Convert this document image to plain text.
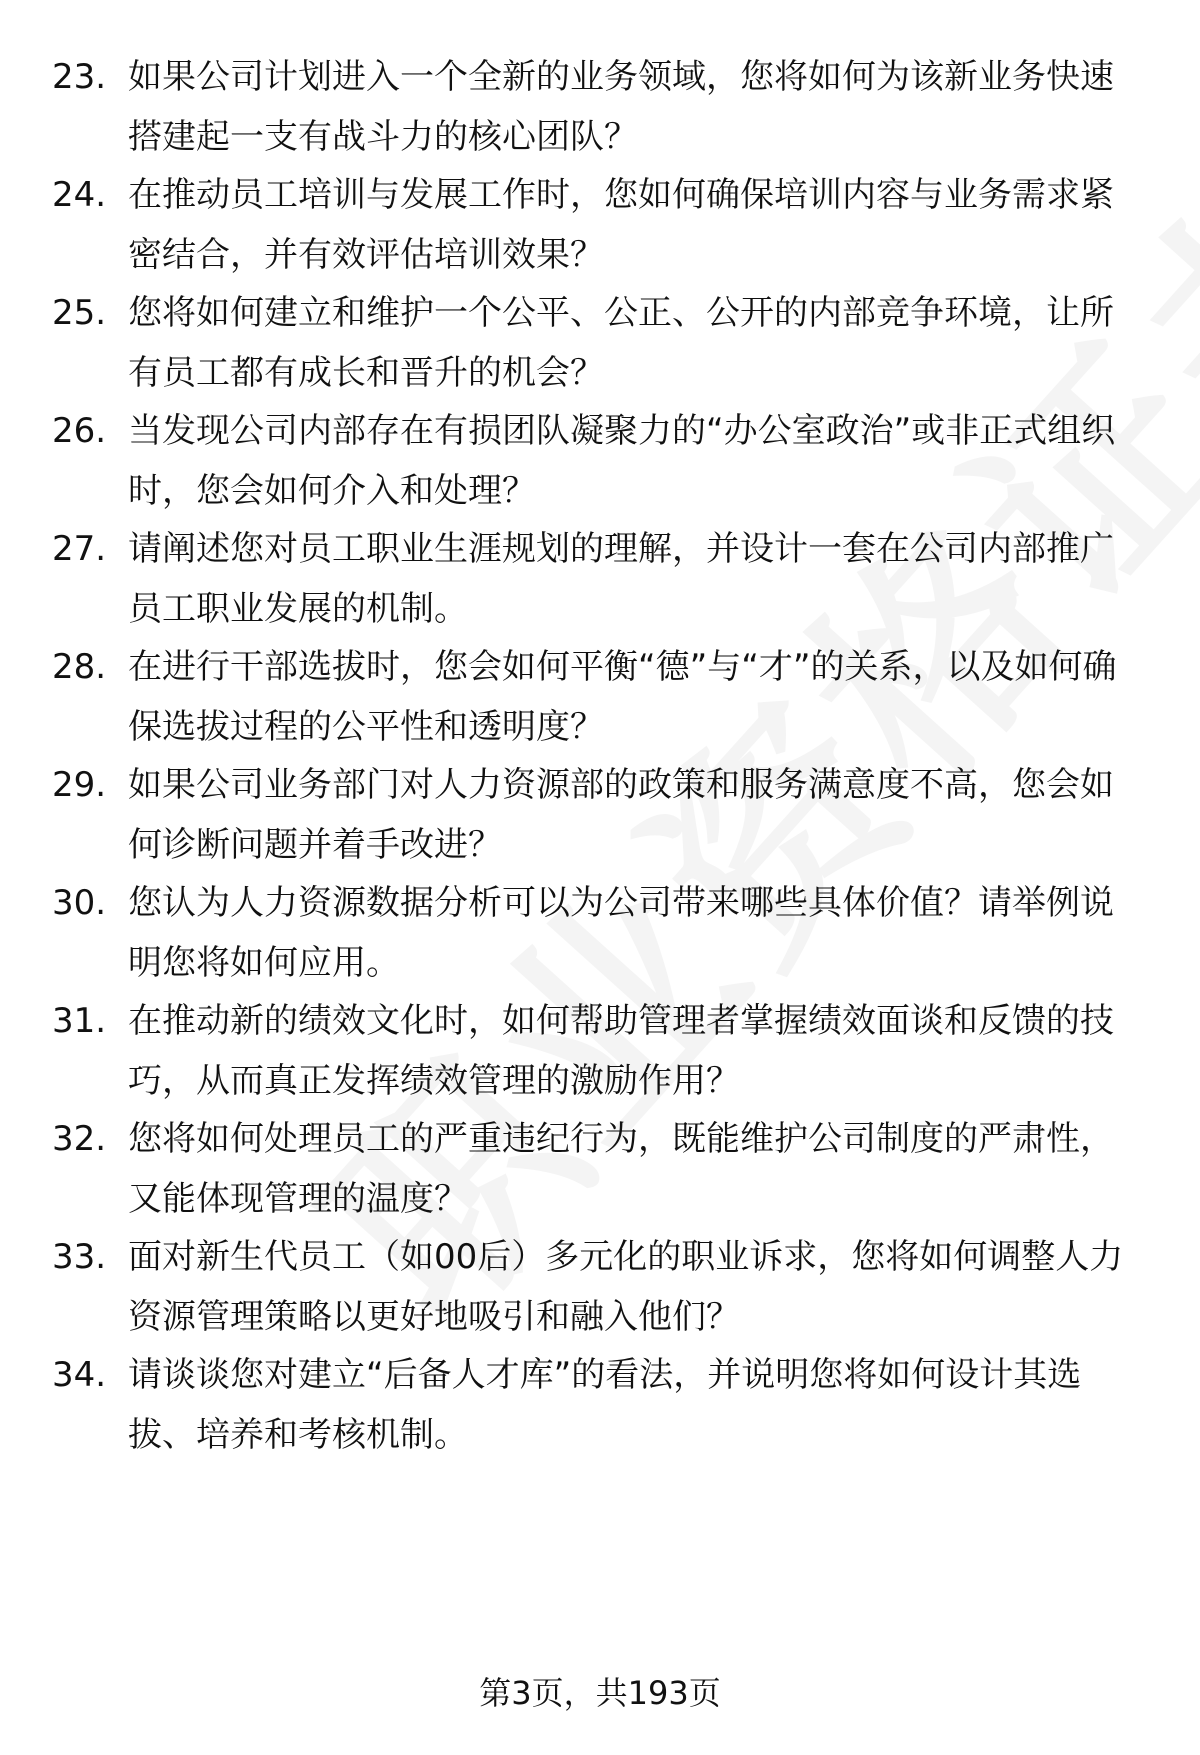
23. 如果公司计划进入一个全新的业务领域，您将如何为该新业务快速搭建起一支有战斗力的核心团队？
24. 在推动员工培训与发展工作时，您如何确保培训内容与业务需求紧密结合，并有效评估培训效果？
25. 您将如何建立和维护一个公平、公正、公开的内部竞争环境，让所有员工都有成长和晋升的机会？
26. 当发现公司内部存在有损团队凝聚力的“办公室政治”或非正式组织时，您会如何介入和处理？
27. 请阐述您对员工职业生涯规划的理解，并设计一套在公司内部推广员工职业发展的机制。
28. 在进行干部选拔时，您会如何平衡“德”与“才”的关系，以及如何确保选拔过程的公平性和透明度？
29. 如果公司业务部门对人力资源部的政策和服务满意度不高，您会如何诊断问题并着手改进？
30. 您认为人力资源数据分析可以为公司带来哪些具体价值？请举例说明您将如何应用。
31. 在推动新的绩效文化时，如何帮助管理者掌握绩效面谈和反馈的技巧，从而真正发挥绩效管理的激励作用？
32. 您将如何处理员工的严重违纪行为，既能维护公司制度的严肃性，又能体现管理的温度？
33. 面对新生代员工（如00后）多元化的职业诉求，您将如何调整人力资源管理策略以更好地吸引和融入他们？
34. 请谈谈您对建立“后备人才库”的看法，并说明您将如何设计其选拔、培养和考核机制。
第3页，共193页
